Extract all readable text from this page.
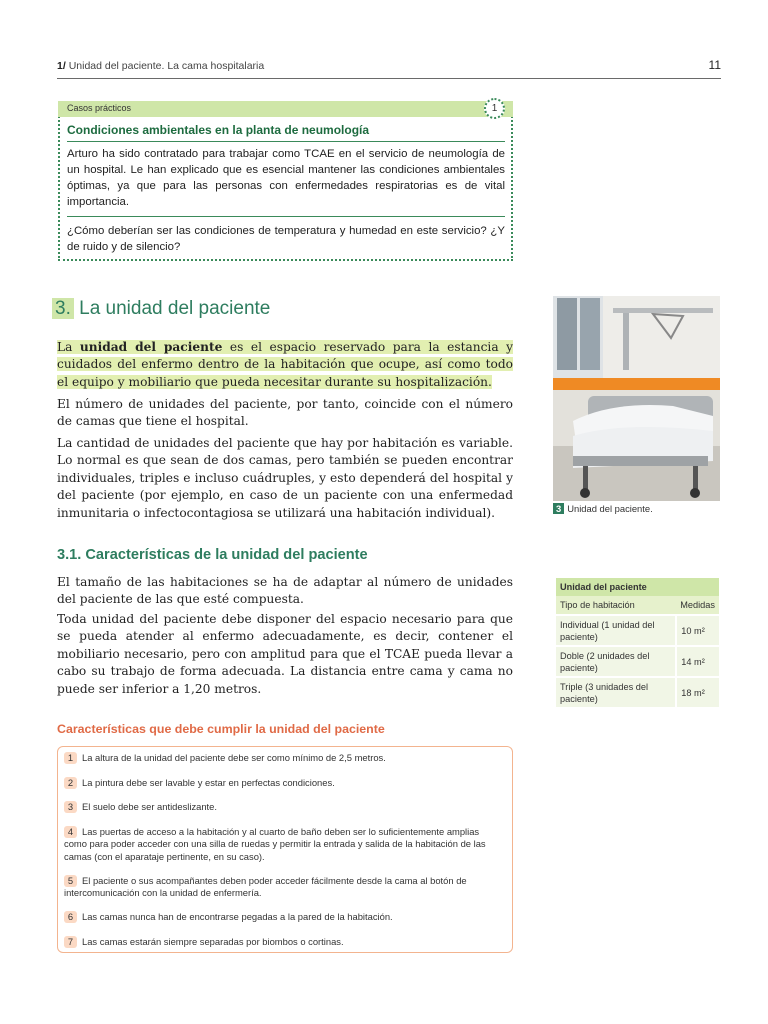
1/ Unidad del paciente. La cama hospitalaria	11
Casos prácticos	1
Condiciones ambientales en la planta de neumología
Arturo ha sido contratado para trabajar como TCAE en el servicio de neumología de un hospital. Le han explicado que es esencial mantener las condiciones ambientales óptimas, ya que para las personas con enfermedades respiratorias es de vital importancia.
¿Cómo deberían ser las condiciones de temperatura y humedad en este servicio? ¿Y de ruido y de silencio?
3. La unidad del paciente
La unidad del paciente es el espacio reservado para la estancia y cuidados del enfermo dentro de la habitación que ocupe, así como todo el equipo y mobiliario que pueda necesitar durante su hospitalización.
El número de unidades del paciente, por tanto, coincide con el número de camas que tiene el hospital.
La cantidad de unidades del paciente que hay por habitación es variable. Lo normal es que sean de dos camas, pero también se pueden encontrar individuales, triples e incluso cuádruples, y esto dependerá del hospital y del paciente (por ejemplo, en caso de un paciente con una enfermedad inmunitaria o infectocontagiosa se utilizará una habitación individual).	3 Unidad del paciente.
3.1. Características de la unidad del paciente
El tamaño de las habitaciones se ha de adaptar al número de unidades del paciente de las que esté compuesta.
Toda unidad del paciente debe disponer del espacio necesario para que se pueda atender al enfermo adecuadamente, es decir, contener el mobiliario necesario, pero con amplitud para que el TCAE pueda llevar a cabo su trabajo de forma adecuada. La distancia entre cama y cama no puede ser inferior a 1,20 metros.
Unidad del paciente	
Tipo de habitación	Medidas
Individual (1 unidad del paciente)	10 m²
Doble (2 unidades del paciente)	14 m²
Triple (3 unidades del paciente)	18 m²
Características que debe cumplir la unidad del paciente
1 La altura de la unidad del paciente debe ser como mínimo de 2,5 metros.
2 La pintura debe ser lavable y estar en perfectas condiciones.
3 El suelo debe ser antideslizante.
4 Las puertas de acceso a la habitación y al cuarto de baño deben ser lo suficientemente amplias como para poder acceder con una silla de ruedas y permitir la entrada y salida de la habitación de las camas (con el aparataje pertinente, en su caso).
5 El paciente o sus acompañantes deben poder acceder fácilmente desde la cama al botón de intercomunicación con la unidad de enfermería.
6 Las camas nunca han de encontrarse pegadas a la pared de la habitación.
7 Las camas estarán siempre separadas por biombos o cortinas.
